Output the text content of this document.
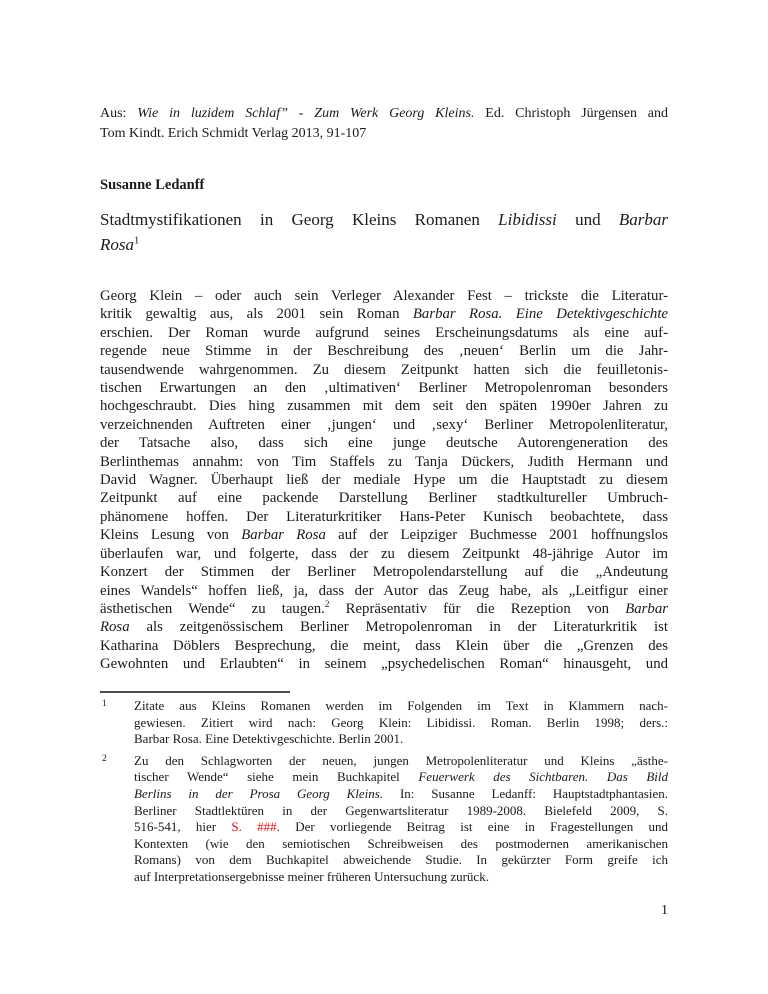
Aus: Wie in luzidem Schlaf” - Zum Werk Georg Kleins. Ed. Christoph Jürgensen and
Tom Kindt. Erich Schmidt Verlag 2013, 91-107
Susanne Ledanff
Stadtmystifikationen in Georg Kleins Romanen Libidissi und Barbar
Rosa$^1$
Georg Klein – oder auch sein Verleger Alexander Fest – trickste die Literatur-
kritik gewaltig aus, als 2001 sein Roman Barbar Rosa. Eine Detektivgeschichte
erschien. Der Roman wurde aufgrund seines Erscheinungsdatums als eine auf-
regende neue Stimme in der Beschreibung des ‚neuen‘ Berlin um die Jahr-
tausendwende wahrgenommen. Zu diesem Zeitpunkt hatten sich die feuilletonis-
tischen Erwartungen an den ‚ultimativen‘ Berliner Metropolenroman besonders
hochgeschraubt. Dies hing zusammen mit dem seit den späten 1990er Jahren zu
verzeichnenden Auftreten einer ‚jungen‘ und ‚sexy‘ Berliner Metropolenliteratur,
der Tatsache also, dass sich eine junge deutsche Autorengeneration des
Berlinthemas annahm: von Tim Staffels zu Tanja Dückers, Judith Hermann und
David Wagner. Überhaupt ließ der mediale Hype um die Hauptstadt zu diesem
Zeitpunkt auf eine packende Darstellung Berliner stadtkultureller Umbruch-
phänomene hoffen. Der Literaturkritiker Hans-Peter Kunisch beobachtete, dass
Kleins Lesung von Barbar Rosa auf der Leipziger Buchmesse 2001 hoffnungslos
überlaufen war, und folgerte, dass der zu diesem Zeitpunkt 48-jährige Autor im
Konzert der Stimmen der Berliner Metropolendarstellung auf die „Andeutung
eines Wandels“ hoffen ließ, ja, dass der Autor das Zeug habe, als „Leitfigur einer
ästhetischen Wende“ zu taugen.$^2$ Repräsentativ für die Rezeption von Barbar
Rosa als zeitgenössischem Berliner Metropolenroman in der Literaturkritik ist
Katharina Döblers Besprechung, die meint, dass Klein über die „Grenzen des
Gewohnten und Erlaubten“ in seinem „psychedelischen Roman“ hinausgeht, und
1 Zitate aus Kleins Romanen werden im Folgenden im Text in Klammern nach-
gewiesen. Zitiert wird nach: Georg Klein: Libidissi. Roman. Berlin 1998; ders.:
Barbar Rosa. Eine Detektivgeschichte. Berlin 2001.
2 Zu den Schlagworten der neuen, jungen Metropolenliteratur und Kleins „ästhe-
tischer Wende“ siehe mein Buchkapitel Feuerwerk des Sichtbaren. Das Bild
Berlins in der Prosa Georg Kleins. In: Susanne Ledanff: Hauptstadtphantasien.
Berliner Stadtlektüren in der Gegenwartsliteratur 1989-2008. Bielefeld 2009, S.
516-541, hier S. ###. Der vorliegende Beitrag ist eine in Fragestellungen und
Kontexten (wie den semiotischen Schreibweisen des postmodernen amerikanischen
Romans) von dem Buchkapitel abweichende Studie. In gekürzter Form greife ich
auf Interpretationsergebnisse meiner früheren Untersuchung zurück.
1
